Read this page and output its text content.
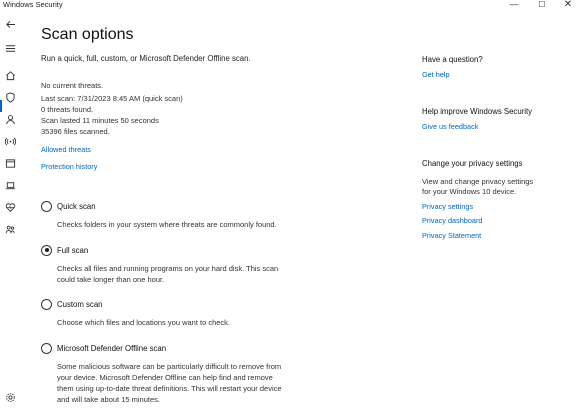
Windows Security	—	☐	✕
Scan options
Run a quick, full, custom, or Microsoft Defender Offline scan.
No current threats.
Last scan: 7/31/2023 8:45 AM (quick scan)
0 threats found.
Scan lasted 11 minutes 50 seconds
35396 files scanned.
Allowed threats
Protection history
Quick scan
Checks folders in your system where threats are commonly found.
Full scan
Checks all files and running programs on your hard disk. This scan
could take longer than one hour.
Custom scan
Choose which files and locations you want to check.
Microsoft Defender Offline scan
Some malicious software can be particularly difficult to remove from
your device. Microsoft Defender Offline can help find and remove
them using up-to-date threat definitions. This will restart your device
and will take about 15 minutes.
Have a question?
Get help
Help improve Windows Security
Give us feedback
Change your privacy settings
View and change privacy settings
for your Windows 10 device.
Privacy settings
Privacy dashboard
Privacy Statement
